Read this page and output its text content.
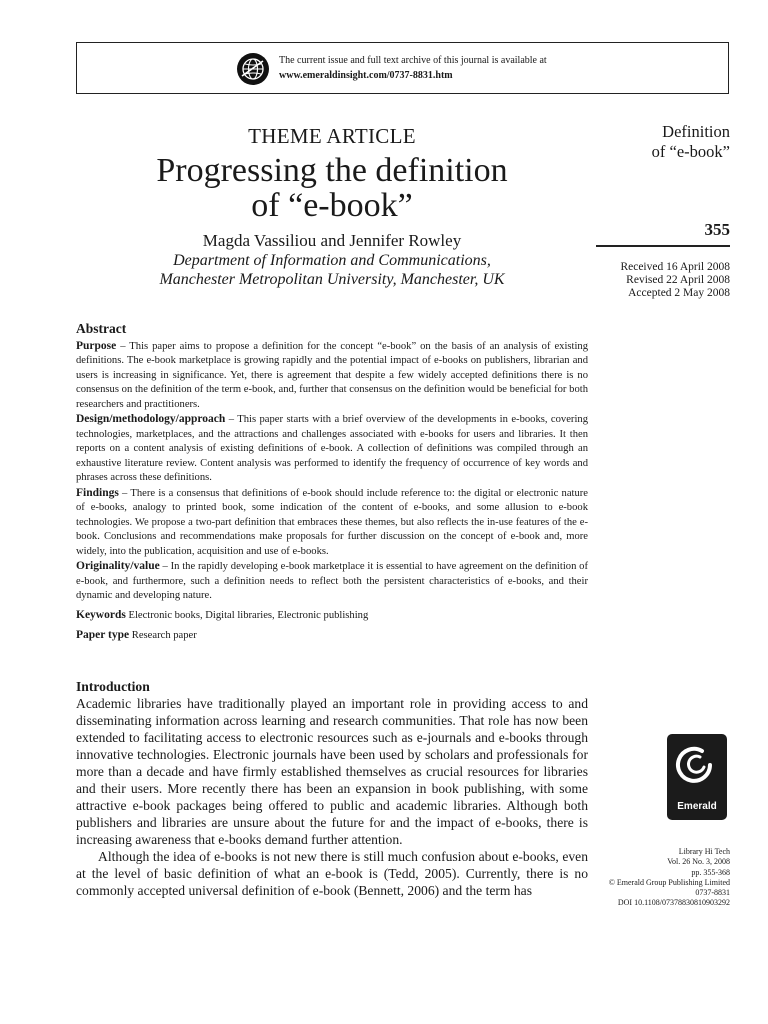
The current issue and full text archive of this journal is available at
www.emeraldinsight.com/0737-8831.htm
THEME ARTICLE
Progressing the definition
of “e-book”
Magda Vassiliou and Jennifer Rowley
Department of Information and Communications,
Manchester Metropolitan University, Manchester, UK
Definition
of “e-book”
355
Received 16 April 2008
Revised 22 April 2008
Accepted 2 May 2008
Abstract

Purpose – This paper aims to propose a definition for the concept “e-book” on the basis of an analysis of existing definitions. The e-book marketplace is growing rapidly and the potential impact of e-books on publishers, librarian and users is increasing in significance. Yet, there is agreement that despite a few widely accepted definitions there is no consensus on the definition of the term e-book, and, further that consensus on the definition would be beneficial for both researchers and practitioners.

Design/methodology/approach – This paper starts with a brief overview of the developments in e-books, covering technologies, marketplaces, and the attractions and challenges associated with e-books for users and libraries. It then reports on a content analysis of existing definitions of e-book. A collection of definitions was compiled through an exhaustive literature review. Content analysis was performed to identify the frequency of occurrence of key words and phrases across these definitions.

Findings – There is a consensus that definitions of e-book should include reference to: the digital or electronic nature of e-books, analogy to printed book, some indication of the content of e-books, and some allusion to e-book technologies. We propose a two-part definition that embraces these themes, but also reflects the in-use features of the e-book. Conclusions and recommendations make proposals for further discussion on the concept of e-book and, more widely, into the publication, acquisition and use of e-books.

Originality/value – In the rapidly developing e-book marketplace it is essential to have agreement on the definition of e-book, and furthermore, such a definition needs to reflect both the persistent characteristics of e-books, and their dynamic and developing nature.

Keywords Electronic books, Digital libraries, Electronic publishing

Paper type Research paper

Introduction

Academic libraries have traditionally played an important role in providing access to and disseminating information across learning and research communities. That role has now been extended to facilitating access to electronic resources such as e-journals and e-books through innovative technologies. Electronic journals have been used by scholars and professionals for more than a decade and have firmly established themselves as crucial resources for libraries and their users. More recently there has been an expansion in book publishing, with some attractive e-book packages being offered to public and academic libraries. Although both publishers and libraries are unsure about the future for and the impact of e-books, there is increasing awareness that e-books demand further attention.

Although the idea of e-books is not new there is still much confusion about e-books, even at the level of basic definition of what an e-book is (Tedd, 2005). Currently, there is no commonly accepted universal definition of e-book (Bennett, 2006) and the term has

Emerald
Library Hi Tech
Vol. 26 No. 3, 2008
pp. 355-368
© Emerald Group Publishing Limited
0737-8831
DOI 10.1108/07378830810903292
